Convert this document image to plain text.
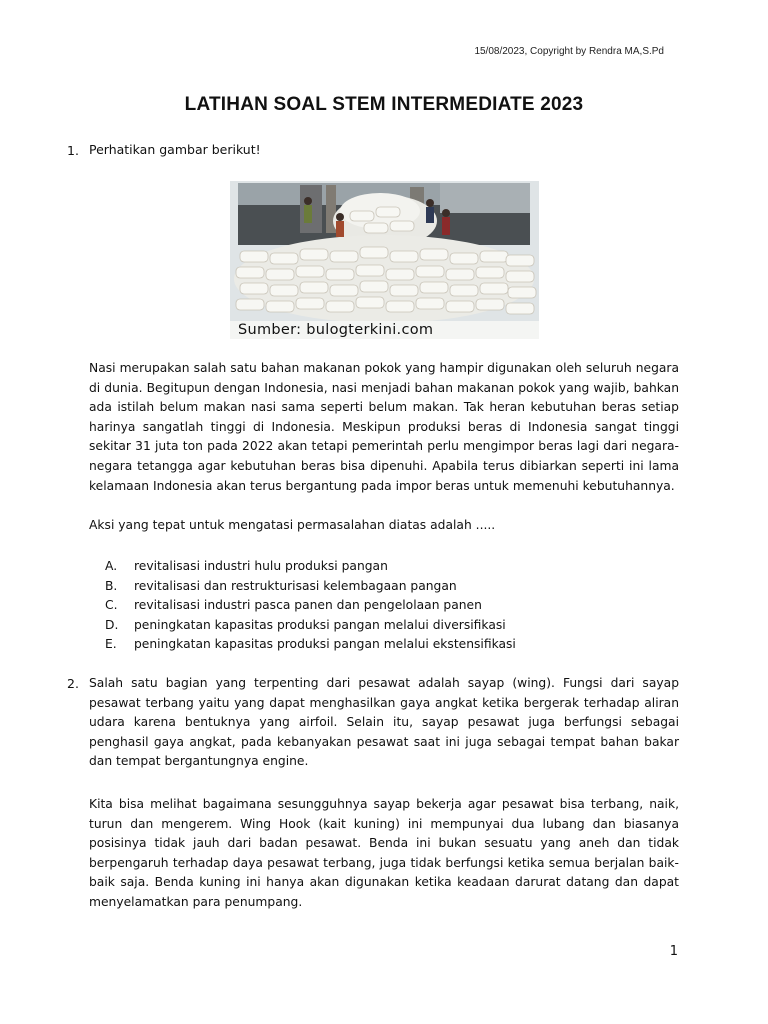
15/08/2023, Copyright by Rendra MA,S.Pd
LATIHAN SOAL STEM INTERMEDIATE 2023
1. Perhatikan gambar berikut!
Sumber: bulogterkini.com

Nasi merupakan salah satu bahan makanan pokok yang hampir digunakan oleh seluruh negara di dunia. Begitupun dengan Indonesia, nasi menjadi bahan makanan pokok yang wajib, bahkan ada istilah belum makan nasi sama seperti belum makan. Tak heran kebutuhan beras setiap harinya sangatlah tinggi di Indonesia. Meskipun produksi beras di Indonesia sangat tinggi sekitar 31 juta ton pada 2022 akan tetapi pemerintah perlu mengimpor beras lagi dari negara-negara tetangga agar kebutuhan beras bisa dipenuhi. Apabila terus dibiarkan seperti ini lama kelamaan Indonesia akan terus bergantung pada impor beras untuk memenuhi kebutuhannya.

Aksi yang tepat untuk mengatasi permasalahan diatas adalah .....

A. revitalisasi industri hulu produksi pangan
B. revitalisasi dan restrukturisasi kelembagaan pangan
C. revitalisasi industri pasca panen dan pengelolaan panen
D. peningkatan kapasitas produksi pangan melalui diversifikasi
E. peningkatan kapasitas produksi pangan melalui ekstensifikasi
2. Salah satu bagian yang terpenting dari pesawat adalah sayap (wing). Fungsi dari sayap pesawat terbang yaitu yang dapat menghasilkan gaya angkat ketika bergerak terhadap aliran udara karena bentuknya yang airfoil. Selain itu, sayap pesawat juga berfungsi sebagai penghasil gaya angkat, pada kebanyakan pesawat saat ini juga sebagai tempat bahan bakar dan tempat bergantungnya engine.

Kita bisa melihat bagaimana sesungguhnya sayap bekerja agar pesawat bisa terbang, naik, turun dan mengerem. Wing Hook (kait kuning) ini mempunyai dua lubang dan biasanya posisinya tidak jauh dari badan pesawat. Benda ini bukan sesuatu yang aneh dan tidak berpengaruh terhadap daya pesawat terbang, juga tidak berfungsi ketika semua berjalan baik-baik saja. Benda kuning ini hanya akan digunakan ketika keadaan darurat datang dan dapat menyelamatkan para penumpang.

1
